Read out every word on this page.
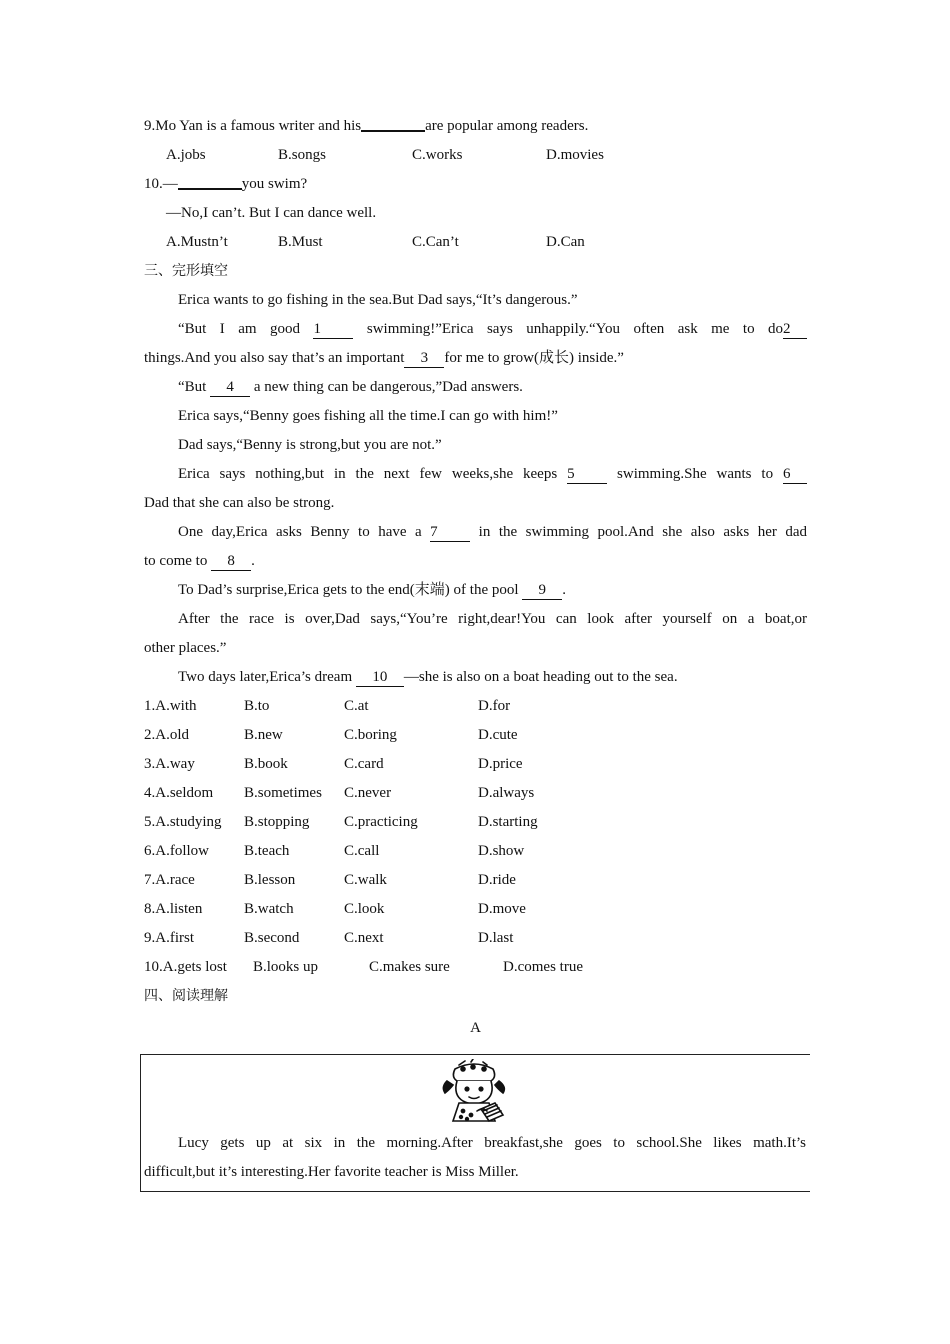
9.Mo Yan is a famous writer and his	are popular among readers.
A.jobs	B.songs	C.works	D.movies
10.—	you swim?
—No,I can’t. But I can dance well.
A.Mustn’t	B.Must	C.Can’t	D.Can
三、完形填空
Erica wants to go fishing in the sea.But Dad says,“It’s dangerous.”
“But I am good 1	swimming!”Erica says unhappily.“You often ask me to do2
things.And you also say that’s an important 3 for me to grow(成长) inside.”
“But 4 a new thing can be dangerous,”Dad answers.
Erica says,“Benny goes fishing all the time.I can go with him!”
Dad says,“Benny is strong,but you are not.”
Erica says nothing,but in the next few weeks,she keeps 5	swimming.She wants to 6
Dad that she can also be strong.
One day,Erica asks Benny to have a 7	in the swimming pool.And she also asks her dad
to come to 8 .
To Dad’s surprise,Erica gets to the end(末端) of the pool 9 .
After the race is over,Dad says,“You’re right,dear!You can look after yourself on a boat,or
other places.”
Two days later,Erica’s dream 10 —she is also on a boat heading out to the sea.
1.A.with	B.to	C.at	D.for
2.A.old	B.new	C.boring	D.cute
3.A.way	B.book	C.card	D.price
4.A.seldom B.sometimes C.never	D.always
5.A.studying B.stopping C.practicing	D.starting
6.A.follow B.teach	C.call	D.show
7.A.race	B.lesson	C.walk	D.ride
8.A.listen	B.watch	C.look	D.move
9.A.first	B.second	C.next	D.last
10.A.gets lost B.looks up	C.makes sure	D.comes true
四、阅读理解
A
Lucy gets up at six in the morning.After breakfast,she goes to school.She likes math.It’s
difficult,but it’s interesting.Her favorite teacher is Miss Miller.
